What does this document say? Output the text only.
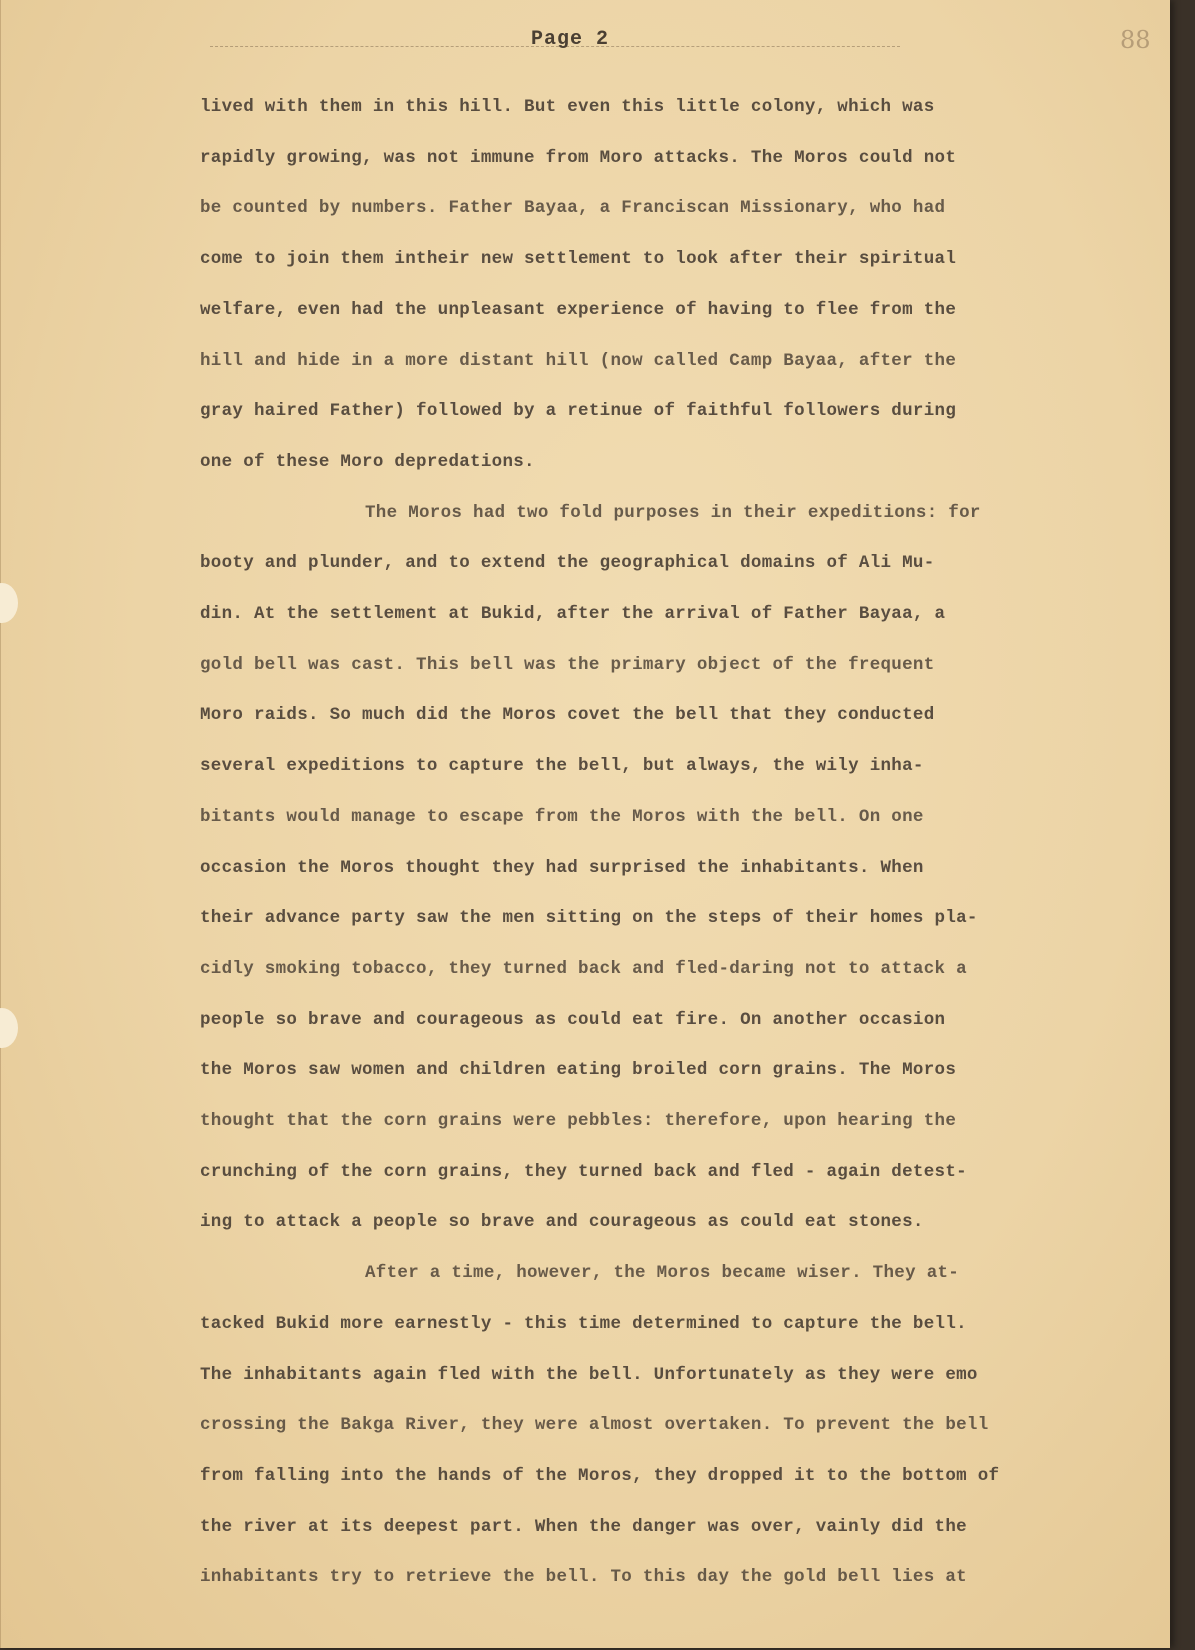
Page 2	88
lived with them in this hill. But even this little colony, which was
rapidly growing, was not immune from Moro attacks. The Moros could not
be counted by numbers. Father Bayaa, a Franciscan Missionary, who had
come to join them intheir new settlement to look after their spiritual
welfare, even had the unpleasant experience of having to flee from the
hill and hide in a more distant hill (now called Camp Bayaa, after the
gray haired Father) followed by a retinue of faithful followers during
one of these Moro depredations.
The Moros had two fold purposes in their expeditions: for
booty and plunder, and to extend the geographical domains of Ali Mu-
din. At the settlement at Bukid, after the arrival of Father Bayaa, a
gold bell was cast. This bell was the primary object of the frequent
Moro raids. So much did the Moros covet the bell that they conducted
several expeditions to capture the bell, but always, the wily inha-
bitants would manage to escape from the Moros with the bell. On one
occasion the Moros thought they had surprised the inhabitants. When
their advance party saw the men sitting on the steps of their homes pla-
cidly smoking tobacco, they turned back and fled-daring not to attack a
people so brave and courageous as could eat fire. On another occasion
the Moros saw women and children eating broiled corn grains. The Moros
thought that the corn grains were pebbles: therefore, upon hearing the
crunching of the corn grains, they turned back and fled - again detest-
ing to attack a people so brave and courageous as could eat stones.
After a time, however, the Moros became wiser. They at-
tacked Bukid more earnestly - this time determined to capture the bell.
The inhabitants again fled with the bell. Unfortunately as they were emo
crossing the Bakga River, they were almost overtaken. To prevent the bell
from falling into the hands of the Moros, they dropped it to the bottom of
the river at its deepest part. When the danger was over, vainly did the
inhabitants try to retrieve the bell. To this day the gold bell lies at
